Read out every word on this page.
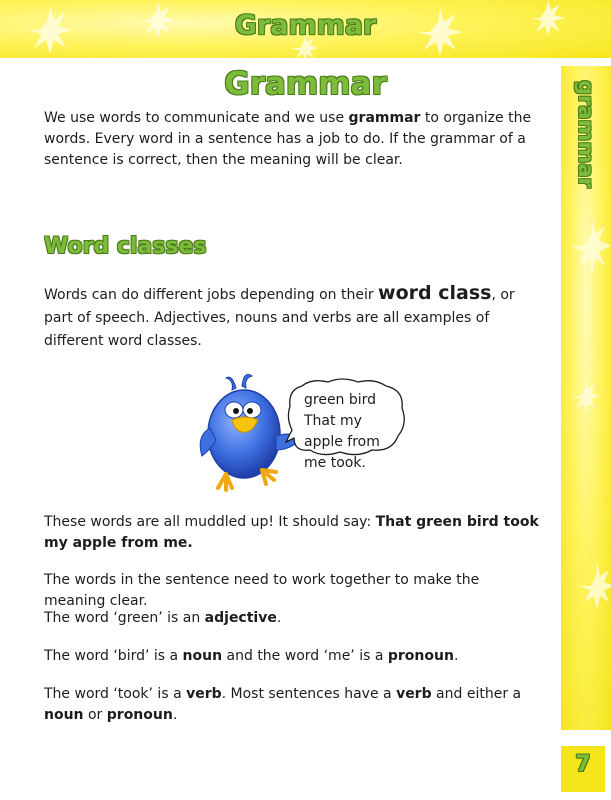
Grammar
grammar
7
Grammar
We use words to communicate and we use grammar to organize the words. Every word in a sentence has a job to do. If the grammar of a sentence is correct, then the meaning will be clear.
Word classes
Words can do different jobs depending on their word class, or part of speech. Adjectives, nouns and verbs are all examples of different word classes.
green bird That my apple from me took.
These words are all muddled up! It should say: That green bird took my apple from me.
The words in the sentence need to work together to make the meaning clear.
The word ‘green’ is an adjective.
The word ‘bird’ is a noun and the word ‘me’ is a pronoun.
The word ‘took’ is a verb. Most sentences have a verb and either a noun or pronoun.
